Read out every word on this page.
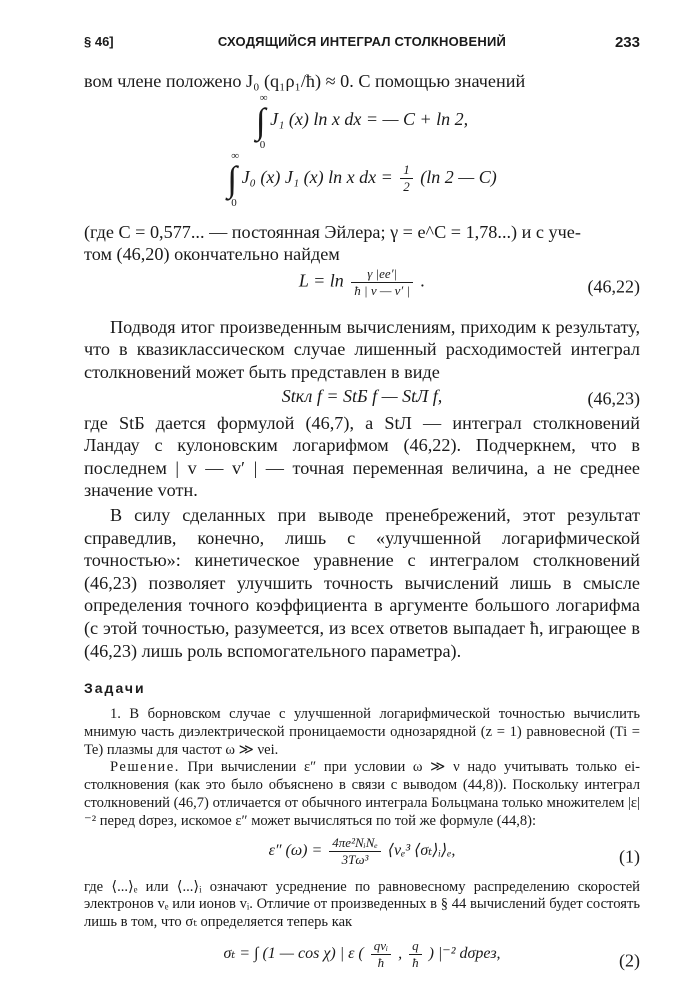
§ 46]	СХОДЯЩИЙСЯ ИНТЕГРАЛ СТОЛКНОВЕНИЙ	233

вом члене положено J₀ (q₁ρ₁/ħ) ≈ 0. С помощью значений

∫
∞
0
J₁ (x) ln x dx = — C + ln 2,
∫
∞
0
J₀ (x) J₁ (x) ln x dx = $\frac{1}{2} (\ln$ 2 — C)

(где C = 0,577... — постоянная Эйлера; γ = e^C = 1,78...) и с уче-

том (46,20) окончательно найдем

$L = \ln \frac{\gamma |ee'|}{ħ | v — v' |}$ .	(46,22)

Подводя итог произведенным вычислениям, приходим к результату, что в квазиклассическом случае лишенный расходимостей интеграл столкновений может быть представлен в виде

Stкл f = StБ f — StЛ f,	(46,23)

где StБ дается формулой (46,7), а StЛ — интеграл столкновений Ландау с кулоновским логарифмом (46,22). Подчеркнем, что в последнем | v — v′ | — точная переменная величина, а не среднее значение vотн.

В силу сделанных при выводе пренебрежений, этот результат справедлив, конечно, лишь с «улучшенной логарифмической точностью»: кинетическое уравнение с интегралом столкновений (46,23) позволяет улучшить точность вычислений лишь в смысле определения точного коэффициента в аргументе большого логарифма (с этой точностью, разумеется, из всех ответов выпадает ħ, играющее в (46,23) лишь роль вспомогательного параметра).

Задачи

1. В борновском случае с улучшенной логарифмической точностью вычислить мнимую часть диэлектрической проницаемости однозарядной (z = 1) равновесной (Ti = Te) плазмы для частот ω ≫ νei.

Решение. При вычислении ε″ при условии ω ≫ ν надо учитывать только ei-столкновения (как это было объяснено в связи с выводом (44,8)). Поскольку интеграл столкновений (46,7) отличается от обычного интеграла Больцмана только множителем |ε|⁻² перед dσрез, искомое ε″ может вычисляться по той же формуле (44,8):

ε″ $(\omega) = \frac{\text{4πe²NᵢNₑ}}{\text{3Tω³}}$ ⟨vₑ³ ⟨σₜ⟩ᵢ⟩ₑ,	(1)

где ⟨...⟩ₑ или ⟨...⟩ᵢ означают усреднение по равновесному распределению скоростей электронов vₑ или ионов vᵢ. Отличие от произведенных в § 44 вычислений будет состоять лишь в том, что σₜ определяется теперь как

σₜ = ∫ (1 — cos χ) | ε ( $\frac{\text{qvᵢ}}{ħ}$ , $\frac{q}{ħ}$ ) |⁻² dσрез,	(2)
